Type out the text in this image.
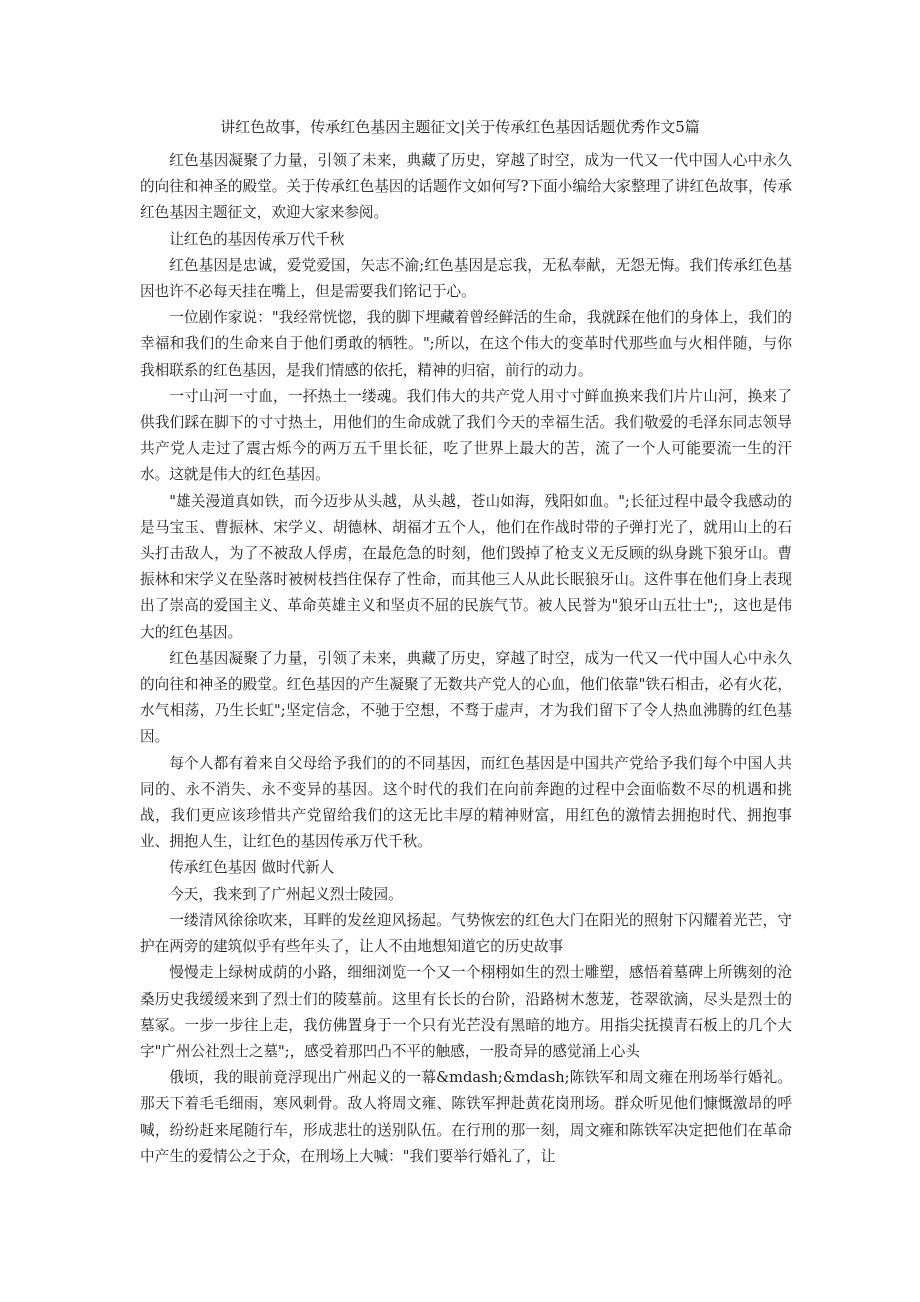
讲红色故事，传承红色基因主题征文|关于传承红色基因话题优秀作文5篇

红色基因凝聚了力量，引领了未来，典藏了历史，穿越了时空，成为一代又一代中国人心中永久的向往和神圣的殿堂。关于传承红色基因的话题作文如何写?下面小编给大家整理了讲红色故事，传承红色基因主题征文，欢迎大家来参阅。

让红色的基因传承万代千秋

红色基因是忠诚，爱党爱国，矢志不渝;红色基因是忘我，无私奉献，无怨无悔。我们传承红色基因也许不必每天挂在嘴上，但是需要我们铭记于心。

一位剧作家说："我经常恍惚，我的脚下埋藏着曾经鲜活的生命，我就踩在他们的身体上，我们的幸福和我们的生命来自于他们勇敢的牺牲。";所以，在这个伟大的变革时代那些血与火相伴随，与你我相联系的红色基因，是我们情感的依托，精神的归宿，前行的动力。

一寸山河一寸血，一抔热土一缕魂。我们伟大的共产党人用寸寸鲜血换来我们片片山河，换来了供我们踩在脚下的寸寸热土，用他们的生命成就了我们今天的幸福生活。我们敬爱的毛泽东同志领导共产党人走过了震古烁今的两万五千里长征，吃了世界上最大的苦，流了一个人可能要流一生的汗水。这就是伟大的红色基因。

"雄关漫道真如铁，而今迈步从头越，从头越，苍山如海，残阳如血。";长征过程中最令我感动的是马宝玉、曹振林、宋学义、胡德林、胡福才五个人，他们在作战时带的子弹打光了，就用山上的石头打击敌人，为了不被敌人俘虏，在最危急的时刻，他们毁掉了枪支义无反顾的纵身跳下狼牙山。曹振林和宋学义在坠落时被树枝挡住保存了性命，而其他三人从此长眠狼牙山。这件事在他们身上表现出了崇高的爱国主义、革命英雄主义和坚贞不屈的民族气节。被人民誉为"狼牙山五壮士";，这也是伟大的红色基因。

红色基因凝聚了力量，引领了未来，典藏了历史，穿越了时空，成为一代又一代中国人心中永久的向往和神圣的殿堂。红色基因的产生凝聚了无数共产党人的心血，他们依靠"铁石相击，必有火花，水气相荡，乃生长虹";坚定信念，不驰于空想，不骛于虚声，才为我们留下了令人热血沸腾的红色基因。

每个人都有着来自父母给予我们的的不同基因，而红色基因是中国共产党给予我们每个中国人共同的、永不消失、永不变异的基因。这个时代的我们在向前奔跑的过程中会面临数不尽的机遇和挑战，我们更应该珍惜共产党留给我们的这无比丰厚的精神财富，用红色的激情去拥抱时代、拥抱事业、拥抱人生，让红色的基因传承万代千秋。

传承红色基因 做时代新人

今天，我来到了广州起义烈士陵园。

一缕清风徐徐吹来，耳畔的发丝迎风扬起。气势恢宏的红色大门在阳光的照射下闪耀着光芒，守护在两旁的建筑似乎有些年头了，让人不由地想知道它的历史故事

慢慢走上绿树成荫的小路，细细浏览一个又一个栩栩如生的烈士雕塑，感悟着墓碑上所镌刻的沧桑历史我缓缓来到了烈士们的陵墓前。这里有长长的台阶，沿路树木葱茏，苍翠欲滴，尽头是烈士的墓冢。一步一步往上走，我仿佛置身于一个只有光芒没有黑暗的地方。用指尖抚摸青石板上的几个大字"广州公社烈士之墓";，感受着那凹凸不平的触感，一股奇异的感觉涌上心头

俄顷，我的眼前竟浮现出广州起义的一幕&mdash;&mdash;陈铁军和周文雍在刑场举行婚礼。那天下着毛毛细雨，寒风刺骨。敌人将周文雍、陈铁军押赴黄花岗刑场。群众听见他们慷慨激昂的呼喊，纷纷赶来尾随行车，形成悲壮的送别队伍。在行刑的那一刻，周文雍和陈铁军决定把他们在革命中产生的爱情公之于众，在刑场上大喊："我们要举行婚礼了，让
